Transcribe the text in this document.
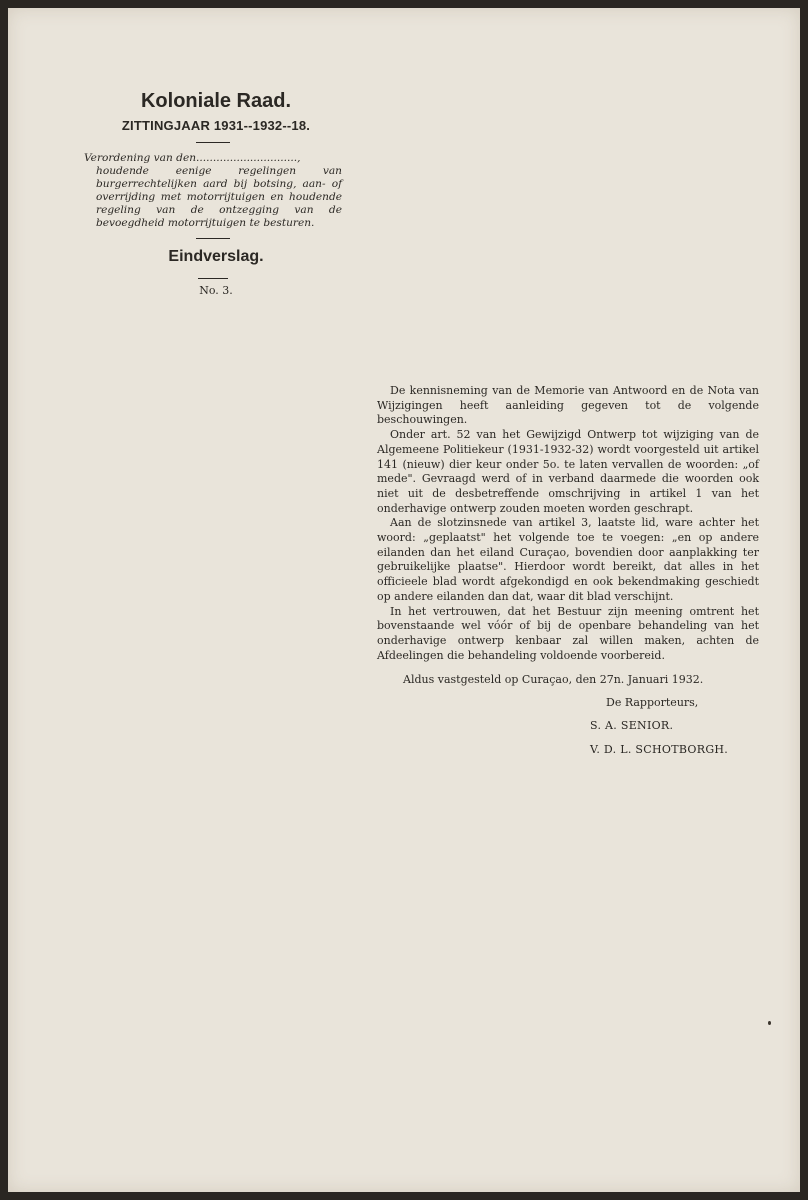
Koloniale Raad.
ZITTINGJAAR 1931--1932--18.
Verordening van den..............................,
houdende eenige regelingen van burgerrechtelijken aard bij botsing, aan- of overrijding met motorrijtuigen en houdende regeling van de ontzegging van de bevoegdheid motorrijtuigen te besturen.
Eindverslag.
No. 3.

De kennisneming van de Memorie van Antwoord en de Nota van Wijzigingen heeft aanleiding gegeven tot de volgende beschouwingen.

Onder art. 52 van het Gewijzigd Ontwerp tot wijziging van de Algemeene Politiekeur (1931-1932-32) wordt voorgesteld uit artikel 141 (nieuw) dier keur onder 5o. te laten vervallen de woorden: „of mede". Gevraagd werd of in verband daarmede die woorden ook niet uit de desbetreffende omschrijving in artikel 1 van het onderhavige ontwerp zouden moeten worden geschrapt.

Aan de slotzinsnede van artikel 3, laatste lid, ware achter het woord: „geplaatst" het volgende toe te voegen: „en op andere eilanden dan het eiland Curaçao, bovendien door aanplakking ter gebruikelijke plaatse". Hierdoor wordt bereikt, dat alles in het officieele blad wordt afgekondigd en ook bekendmaking geschiedt op andere eilanden dan dat, waar dit blad verschijnt.

In het vertrouwen, dat het Bestuur zijn meening omtrent het bovenstaande wel vóór of bij de openbare behandeling van het onderhavige ontwerp kenbaar zal willen maken, achten de Afdeelingen die behandeling voldoende voorbereid.

Aldus vastgesteld op Curaçao, den 27n. Januari 1932.
De Rapporteurs,
S. A. SENIOR.
V. D. L. SCHOTBORGH.
